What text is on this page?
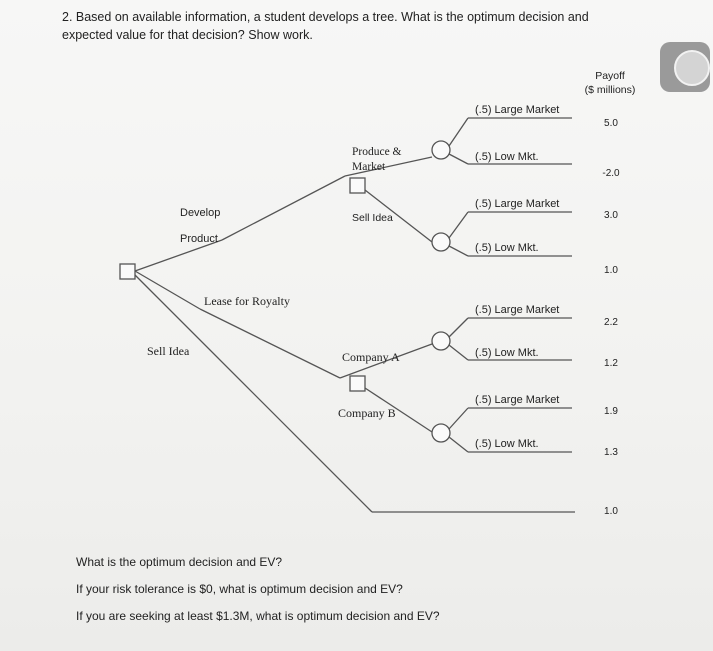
2. Based on available information, a student develops a tree. What is the optimum decision and expected value for that decision? Show work.
Develop
Product
Lease for Royalty
Sell Idea
Produce &
Market
Sell Idea
Company A
Company B
(.5) Large Market
(.5) Low Mkt.
(.5) Large Market
(.5) Low Mkt.
(.5) Large Market
(.5) Low Mkt.
(.5) Large Market
(.5) Low Mkt.
Payoff
($ millions)
5.0
-2.0
3.0
1.0
2.2
1.2
1.9
1.3
1.0
What is the optimum decision and EV?
If your risk tolerance is $0, what is optimum decision and EV?
If you are seeking at least $1.3M, what is optimum decision and EV?
